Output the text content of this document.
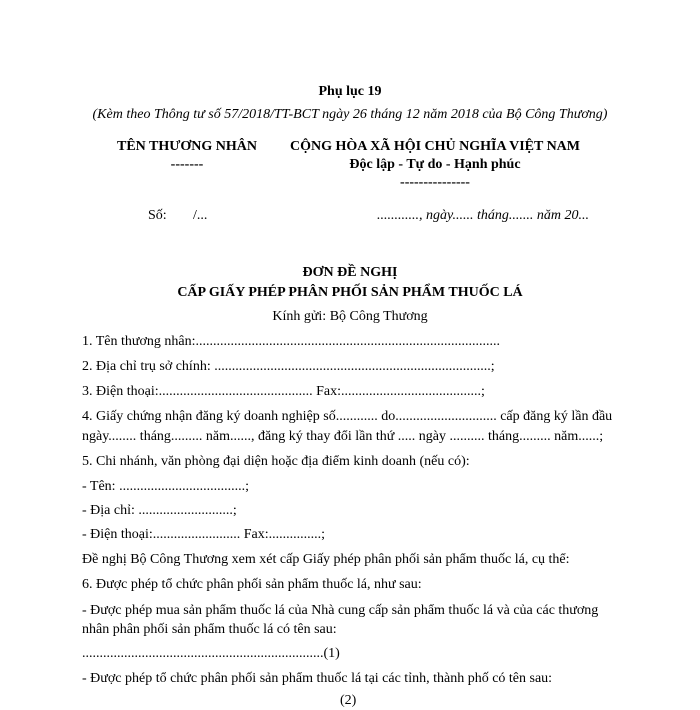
Phụ lục 19
(Kèm theo Thông tư số 57/2018/TT-BCT ngày 26 tháng 12 năm 2018 của Bộ Công Thương)
TÊN THƯƠNG NHÂN
-------
CỘNG HÒA XÃ HỘI CHỦ NGHĨA VIỆT NAM
Độc lập - Tự do - Hạnh phúc
---------------
Số: /...	............, ngày...... tháng....... năm 20...
ĐƠN ĐỀ NGHỊ
CẤP GIẤY PHÉP PHÂN PHỐI SẢN PHẨM THUỐC LÁ
Kính gửi: Bộ Công Thương
1. Tên thương nhân:.......................................................................................
2. Địa chỉ trụ sở chính: ...............................................................................;
3. Điện thoại:............................................ Fax:........................................;
4. Giấy chứng nhận đăng ký doanh nghiệp số............ do............................. cấp đăng ký lần đầu
ngày........ tháng......... năm......, đăng ký thay đổi lần thứ ..... ngày .......... tháng......... năm......;
5. Chi nhánh, văn phòng đại diện hoặc địa điểm kinh doanh (nếu có):
- Tên: ....................................;
- Địa chỉ: ...........................;
- Điện thoại:......................... Fax:...............;
Đề nghị Bộ Công Thương xem xét cấp Giấy phép phân phối sản phẩm thuốc lá, cụ thể:
6. Được phép tổ chức phân phối sản phẩm thuốc lá, như sau:
- Được phép mua sản phẩm thuốc lá của Nhà cung cấp sản phẩm thuốc lá và của các thương
nhân phân phối sản phẩm thuốc lá có tên sau:
.....................................................................(1)
- Được phép tổ chức phân phối sản phẩm thuốc lá tại các tỉnh, thành phố có tên sau:
(2)
